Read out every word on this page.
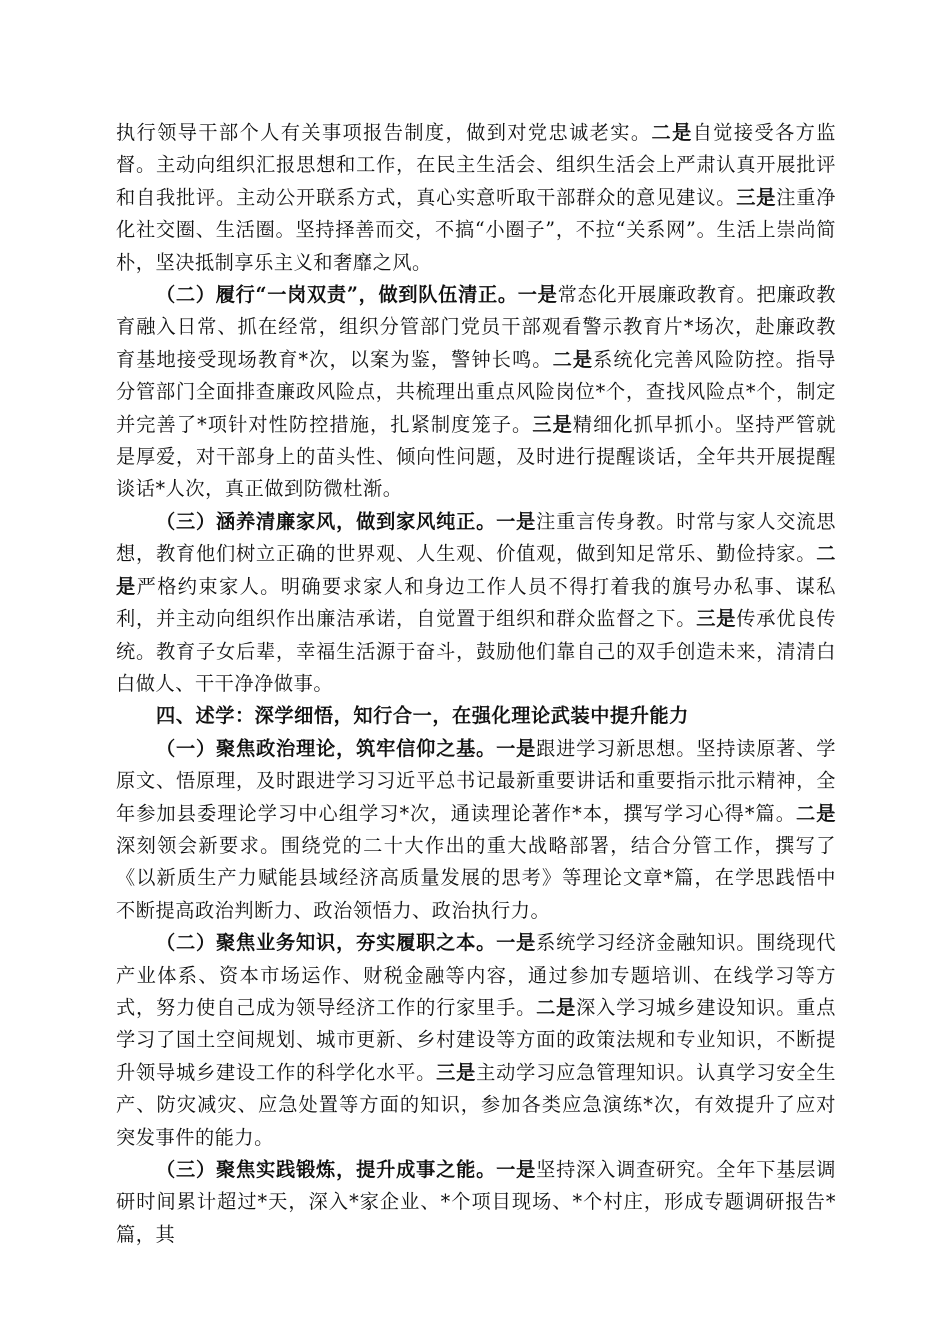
执行领导干部个人有关事项报告制度，做到对党忠诚老实。二是自觉接受各方监督。主动向组织汇报思想和工作，在民主生活会、组织生活会上严肃认真开展批评和自我批评。主动公开联系方式，真心实意听取干部群众的意见建议。三是注重净化社交圈、生活圈。坚持择善而交，不搞“小圈子”，不拉“关系网”。生活上崇尚简朴，坚决抵制享乐主义和奢靡之风。

（二）履行“一岗双责”，做到队伍清正。一是常态化开展廉政教育。把廉政教育融入日常、抓在经常，组织分管部门党员干部观看警示教育片*场次，赴廉政教育基地接受现场教育*次，以案为鉴，警钟长鸣。二是系统化完善风险防控。指导分管部门全面排查廉政风险点，共梳理出重点风险岗位*个，查找风险点*个，制定并完善了*项针对性防控措施，扎紧制度笼子。三是精细化抓早抓小。坚持严管就是厚爱，对干部身上的苗头性、倾向性问题，及时进行提醒谈话，全年共开展提醒谈话*人次，真正做到防微杜渐。

（三）涵养清廉家风，做到家风纯正。一是注重言传身教。时常与家人交流思想，教育他们树立正确的世界观、人生观、价值观，做到知足常乐、勤俭持家。二是严格约束家人。明确要求家人和身边工作人员不得打着我的旗号办私事、谋私利，并主动向组织作出廉洁承诺，自觉置于组织和群众监督之下。三是传承优良传统。教育子女后辈，幸福生活源于奋斗，鼓励他们靠自己的双手创造未来，清清白白做人、干干净净做事。

四、述学：深学细悟，知行合一，在强化理论武装中提升能力

（一）聚焦政治理论，筑牢信仰之基。一是跟进学习新思想。坚持读原著、学原文、悟原理，及时跟进学习习近平总书记最新重要讲话和重要指示批示精神，全年参加县委理论学习中心组学习*次，通读理论著作*本，撰写学习心得*篇。二是深刻领会新要求。围绕党的二十大作出的重大战略部署，结合分管工作，撰写了《以新质生产力赋能县域经济高质量发展的思考》等理论文章*篇，在学思践悟中不断提高政治判断力、政治领悟力、政治执行力。

（二）聚焦业务知识，夯实履职之本。一是系统学习经济金融知识。围绕现代产业体系、资本市场运作、财税金融等内容，通过参加专题培训、在线学习等方式，努力使自己成为领导经济工作的行家里手。二是深入学习城乡建设知识。重点学习了国土空间规划、城市更新、乡村建设等方面的政策法规和专业知识，不断提升领导城乡建设工作的科学化水平。三是主动学习应急管理知识。认真学习安全生产、防灾减灾、应急处置等方面的知识，参加各类应急演练*次，有效提升了应对突发事件的能力。

（三）聚焦实践锻炼，提升成事之能。一是坚持深入调查研究。全年下基层调研时间累计超过*天，深入*家企业、*个项目现场、*个村庄，形成专题调研报告*篇，其
